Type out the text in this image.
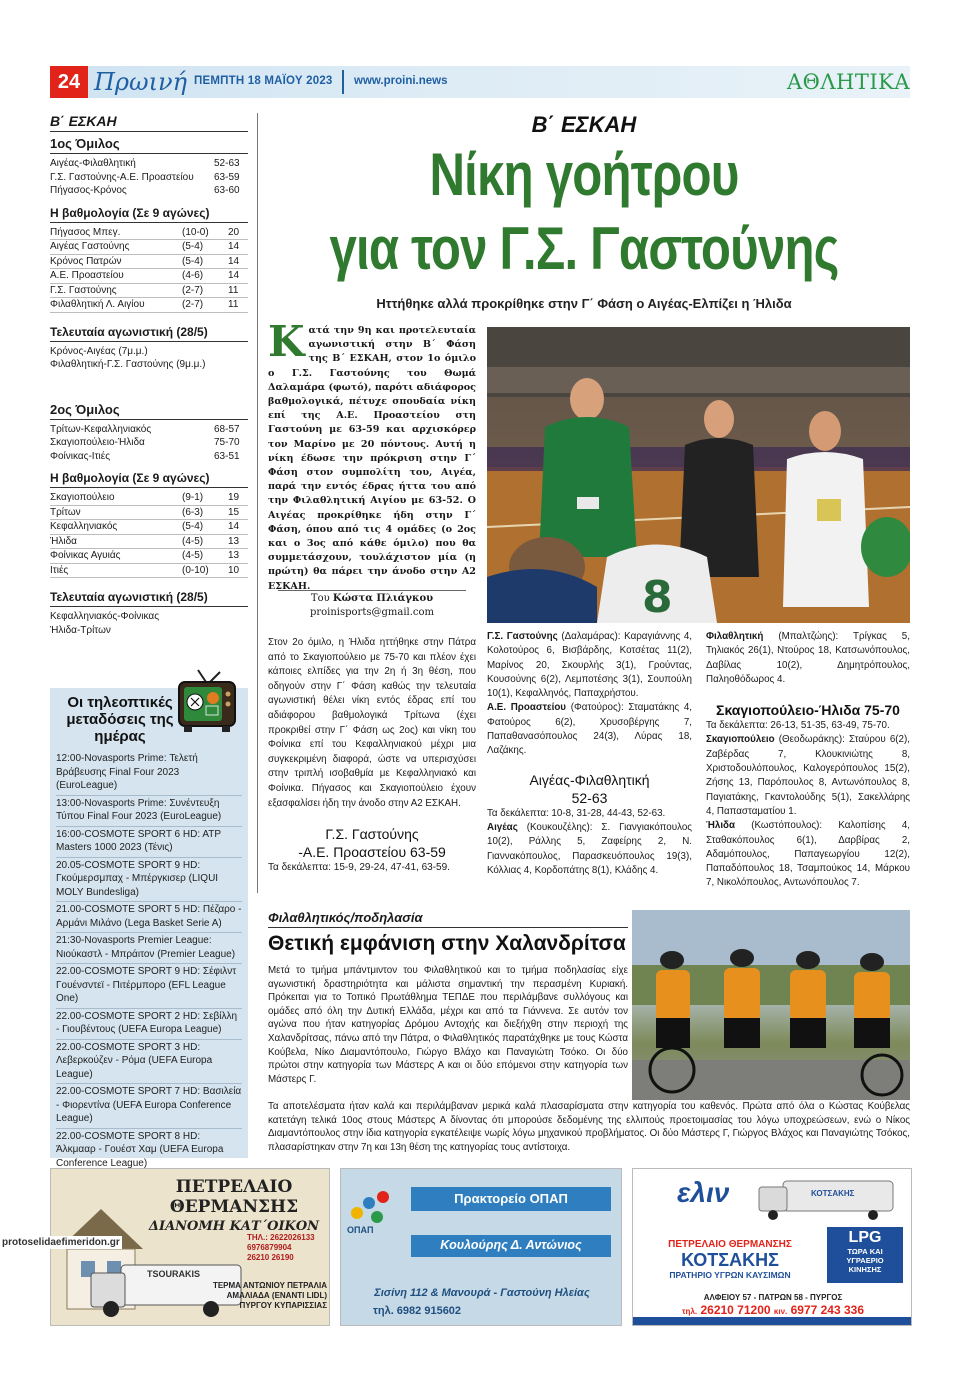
24 Πρωινή ΠΕΜΠΤΗ 18 ΜΑΪΟΥ 2023 www.proini.news	ΑΘΛΗΤΙΚΑ
Β΄ ΕΣΚΑΗ
1ος Όμιλος
Αιγέας-Φιλαθλητική	52-63
Γ.Σ. Γαστούνης-Α.Ε. Προαστείου 63-59
Πήγασος-Κρόνος	63-60
Η βαθμολογία (Σε 9 αγώνες)
Πήγασος Μπεγ.	(10-0)	20
Αιγέας Γαστούνης	(5-4)	14
Κρόνος Πατρών	(5-4)	14
Α.Ε. Προαστείου	(4-6)	14
Γ.Σ. Γαστούνης	(2-7)	11
Φιλαθλητική Λ. Αιγίου	(2-7)	11
Τελευταία αγωνιστική (28/5)
Κρόνος-Αιγέας (7μ.μ.)
Φιλαθλητική-Γ.Σ. Γαστούνης (9μ.μ.)
2ος Όμιλος
Τρίτων-Κεφαλληνιακός	68-57
Σκαγιοπούλειο-Ήλιδα	75-70
Φοίνικας-Ιτιές	63-51
Η βαθμολογία (Σε 9 αγώνες)
Σκαγιοπούλειο	(9-1)	19
Τρίτων	(6-3)	15
Κεφαλληνιακός	(5-4)	14
Ήλιδα	(4-5)	13
Φοίνικας Αγυιάς	(4-5)	13
Ιτιές	(0-10)	10
Τελευταία αγωνιστική (28/5)
Κεφαλληνιακός-Φοίνικας
Ήλιδα-Τρίτων
Οι τηλεοπτικές μεταδόσεις της ημέρας
12:00-Novasports Prime: Τελετή Βράβευσης Final Four 2023 (EuroLeague)
13:00-Novasports Prime: Συνέντευξη Τύπου Final Four 2023 (EuroLeague)
16:00-COSMOTE SPORT 6 HD: ATP Masters 1000 2023 (Τένις)
20.05-COSMOTE SPORT 9 HD: Γκούμερσμπαχ - Μπέργκισερ (LIQUI MOLY Bundesliga)
21.00-COSMOTE SPORT 5 HD: Πέζαρο - Αρμάνι Μιλάνο (Lega Basket Serie A)
21:30-Novasports Premier League: Νιούκαστλ - Μπράιτον (Premier League)
22.00-COSMOTE SPORT 9 HD: Σέφιλντ Γουένσντεϊ - Πιτέρμπορο (EFL League One)
22.00-COSMOTE SPORT 2 HD: Σεβίλλη - Γιουβέντους (UEFA Europa League)
22.00-COSMOTE SPORT 3 HD: Λεβερκούζεν - Ρόμα (UEFA Europa League)
22.00-COSMOTE SPORT 7 HD: Βασιλεία - Φιορεντίνα (UEFA Europa Conference League)
22.00-COSMOTE SPORT 8 HD: Άλκμααρ - Γουέστ Χαμ (UEFA Europa Conference League)
Β΄ ΕΣΚΑΗ
Νίκη γοήτρου
για τον Γ.Σ. Γαστούνης
Ηττήθηκε αλλά προκρίθηκε στην Γ΄ Φάση ο Αιγέας-Ελπίζει η Ήλιδα
Κατά την 9η και προτελευταία αγωνιστική στην Β΄ Φάση της Β΄ ΕΣΚΑΗ, στον 1ο όμιλο ο Γ.Σ. Γαστούνης του Θωμά Δαλαμάρα (φωτό), παρότι αδιάφορος βαθμολογικά, πέτυχε σπουδαία νίκη επί της Α.Ε. Προαστείου στη Γαστούνη με 63-59 και αρχισκόρερ τον Μαρίνο με 20 πόντους. Αυτή η νίκη έδωσε την πρόκριση στην Γ΄ Φάση στον συμπολίτη του, Αιγέα, παρά την εντός έδρας ήττα του από την Φιλαθλητική Αιγίου με 63-52. Ο Αιγέας προκρίθηκε ήδη στην Γ΄ Φάση, όπου από τις 4 ομάδες (ο 2ος και ο 3ος από κάθε όμιλο) που θα συμμετάσχουν, τουλάχιστον μία (η πρώτη) θα πάρει την άνοδο στην Α2 ΕΣΚΑΗ.
Του Κώστα Πλιάγκου
proinisports@gmail.com	8
Στον 2ο όμιλο, η Ήλιδα ηττήθηκε στην Πάτρα από το Σκαγιοπούλειο με 75-70 και πλέον έχει κάποιες ελπίδες για την 2η ή 3η θέση, που οδηγούν στην Γ΄ Φάση καθώς την τελευταία αγωνιστική θέλει νίκη εντός έδρας επί του αδιάφορου βαθμολογικά Τρίτωνα (έχει προκριθεί στην Γ΄ Φάση ως 2ος) και νίκη του Φοίνικα επί του Κεφαλληνιακού μέχρι μια συγκεκριμένη διαφορά, ώστε να υπερισχύσει στην τριπλή ισοβαθμία με Κεφαλληνιακό και Φοίνικα. Πήγασος και Σκαγιοπούλειο έχουν εξασφαλίσει ήδη την άνοδο στην Α2 ΕΣΚΑΗ.
Γ.Σ. Γαστούνης
-Α.Ε. Προαστείου 63-59
Τα δεκάλεπτα: 15-9, 29-24, 47-41, 63-59.
Γ.Σ. Γαστούνης (Δαλαμάρας): Καραγιάννης 4, Κολοτούρος 6, Βισβάρδης, Κοτσέτας 11(2), Μαρίνος 20, Σκουρλής 3(1), Γρούντας, Κουσούνης 6(2), Λεμποτέσης 3(1), Σουπούλη 10(1), Κεφαλληνός, Παπαχρήστου.
Α.Ε. Προαστείου (Φατούρος): Σταματάκης 4, Φατούρος 6(2), Χρυσοβέργης 7, Παπαθανασόπουλος 24(3), Λύρας 18, Λαζάκης.
Αιγέας-Φιλαθλητική
52-63
Τα δεκάλεπτα: 10-8, 31-28, 44-43, 52-63.
Αιγέας (Κουκουζέλης): Σ. Γιανγιακόπουλος 10(2), Ράλλης 5, Ζαφείρης 2, Ν. Γιαννακόπουλος, Παρασκευόπουλος 19(3), Κόλλιας 4, Κορδοπάτης 8(1), Κλάδης 4.
Φιλαθλητική (Μπαλτζώης): Τρίγκας 5, Τηλιακός 26(1), Ντούρος 18, Κατσωνόπουλος, Δαβίλας 10(2), Δημητρόπουλος, Παληοθόδωρος 4.
Σκαγιοπούλειο-Ήλιδα 75-70
Τα δεκάλεπτα: 26-13, 51-35, 63-49, 75-70.
Σκαγιοπούλειο (Θεοδωράκης): Σταύρου 6(2), Ζαβέρδας 7, Κλουκινιώτης 8, Χριστοδουλόπουλος, Καλογερόπουλος 15(2), Ζήσης 13, Παρόπουλος 8, Αντωνόπουλος 8, Παγιατάκης, Γκαντολούδης 5(1), Σακελλάρης 4, Παπασταματίου 1.
Ήλιδα (Κωστόπουλος): Καλοπίσης 4, Σταθακόπουλος 6(1), Δαρβίρας 2, Αδαμόπουλος, Παπαγεωργίου 12(2), Παπαδόπουλος 18, Τσαμπούκος 14, Μάρκου 7, Νικολόπουλος, Αντωνόπουλος 7.
Φιλαθλητικός/ποδηλασία
Θετική εμφάνιση στην Χαλανδρίτσα
Μετά το τμήμα μπάντμιντον του Φιλαθλητικού και το τμήμα ποδηλασίας είχε αγωνιστική δραστηριότητα και μάλιστα σημαντική την περασμένη Κυριακή. Πρόκειται για το Τοπικό Πρωτάθλημα ΤΕΠΔΕ που περιλάμβανε συλλόγους και ομάδες από όλη την Δυτική Ελλάδα, μέχρι και από τα Γιάννενα. Σε αυτόν τον αγώνα που ήταν κατηγορίας Δρόμου Αντοχής και διεξήχθη στην περιοχή της Χαλανδρίτσας, πάνω από την Πάτρα, ο Φιλαθλητικός παρατάχθηκε με τους Κώστα Κούβελα, Νίκο Διαμαντόπουλο, Γιώργο Βλάχο και Παναγιώτη Τσόκο. Οι δύο πρώτοι στην κατηγορία των Μάστερς Α και οι δύο επόμενοι στην κατηγορία των Μάστερς Γ.
Τα αποτελέσματα ήταν καλά και περιλάμβαναν μερικά καλά πλασαρίσματα στην κατηγορία του καθενός. Πρώτα από όλα ο Κώστας Κούβελας κατετάγη τελικά 10ος στους Μάστερς Α δίνοντας ότι μπορούσε δεδομένης της ελλιπούς προετοιμασίας του λόγω υποχρεώσεων, ενώ ο Νίκος Διαμαντόπουλος στην ίδια κατηγορία εγκατέλειψε νωρίς λόγω μηχανικού προβλήματος. Οι δύο Μάστερς Γ, Γιώργος Βλάχος και Παναγιώτης Τσόκος, πλασαρίστηκαν στην 7η και 13η θέση της κατηγορίας τους αντίστοιχα.
ΠΕΤΡΕΛΑΙΟ
ΘΕΡΜΑΝΣΗΣ
ΔΙΑΝΟΜΗ ΚΑΤ΄ΟΙΚΟΝ
TSOURAKIS
ΤΗΛ.: 2622026133
6976879904
26210 26190
ΤΕΡΜΑ ΑΝΤΩΝΙΟΥ ΠΕΤΡΑΛΙΑ
ΑΜΑΛΙΑΔΑ (ΕΝΑΝΤΙ LIDL)
ΠΥΡΓΟΥ ΚΥΠΑΡΙΣΣΙΑΣ
ΟΠΑΠ
Πρακτορείο ΟΠΑΠ
Κουλούρης Δ. Αντώνιος
Σισίνη 112 & Μανουρά - Γαστούνη Ηλείας
τηλ. 6982 915602
ελιν	ΚΟΤΣΑΚΗΣ
LPG
ΤΩΡΑ ΚΑΙ
ΥΓΡΑΕΡΙΟ
ΚΙΝΗΣΗΣ
ΠΕΤΡΕΛΑΙΟ ΘΕΡΜΑΝΣΗΣ
ΚΟΤΣΑΚΗΣ
ΠΡΑΤΗΡΙΟ ΥΓΡΩΝ ΚΑΥΣΙΜΩΝ
ΑΛΦΕΙΟΥ 57 - ΠΑΤΡΩΝ 58 - ΠΥΡΓΟΣ
τηλ. 26210 71200 κιν. 6977 243 336
protoselidaefimeridon.gr
